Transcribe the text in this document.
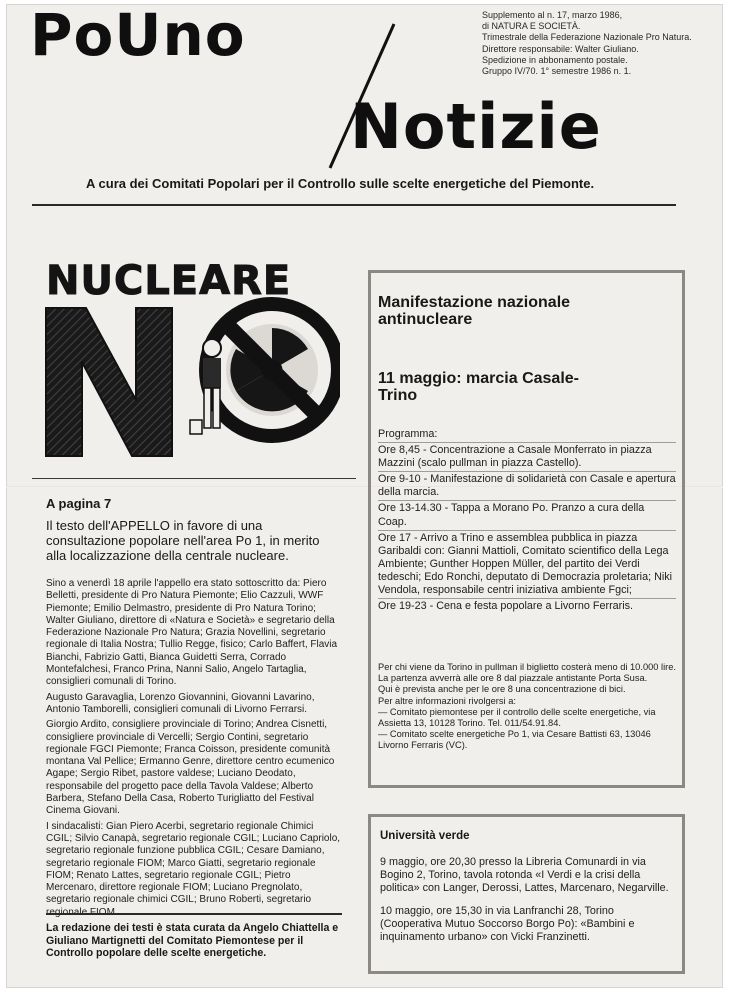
PoUno
Notizie
Supplemento al n. 17, marzo 1986,
di NATURA E SOCIETÀ.
Trimestrale della Federazione Nazionale Pro Natura.
Direttore responsabile: Walter Giuliano.
Spedizione in abbonamento postale.
Gruppo IV/70. 1° semestre 1986 n. 1.
A cura dei Comitati Popolari per il Controllo sulle scelte energetiche del Piemonte.
NUCLEARE
A pagina 7
Il testo dell'APPELLO in favore di una consultazione popolare nell'area Po 1, in merito alla localizzazione della centrale nucleare.

Sino a venerdì 18 aprile l'appello era stato sottoscritto da: Piero Belletti, presidente di Pro Natura Piemonte; Elio Cazzuli, WWF Piemonte; Emilio Delmastro, presidente di Pro Natura Torino; Walter Giuliano, direttore di «Natura e Società» e segretario della Federazione Nazionale Pro Natura; Grazia Novellini, segretario regionale di Italia Nostra; Tullio Regge, fisico; Carlo Baffert, Flavia Bianchi, Fabrizio Gatti, Bianca Guidetti Serra, Corrado Montefalchesi, Franco Prina, Nanni Salio, Angelo Tartaglia, consiglieri comunali di Torino.

Augusto Garavaglia, Lorenzo Giovannini, Giovanni Lavarino, Antonio Tamborelli, consiglieri comunali di Livorno Ferrarsi.

Giorgio Ardito, consigliere provinciale di Torino; Andrea Cisnetti, consigliere provinciale di Vercelli; Sergio Contini, segretario regionale FGCI Piemonte; Franca Coisson, presidente comunità montana Val Pellice; Ermanno Genre, direttore centro ecumenico Agape; Sergio Ribet, pastore valdese; Luciano Deodato, responsabile del progetto pace della Tavola Valdese; Alberto Barbera, Stefano Della Casa, Roberto Turigliatto del Festival Cinema Giovani.

I sindacalisti: Gian Piero Acerbi, segretario regionale Chimici CGIL; Silvio Canapà, segretario regionale CGIL; Luciano Capriolo, segretario regionale funzione pubblica CGIL; Cesare Damiano, segretario regionale FIOM; Marco Giatti, segretario regionale FIOM; Renato Lattes, segretario regionale CGIL; Pietro Mercenaro, direttore regionale FIOM; Luciano Pregnolato, segretario regionale chimici CGIL; Bruno Roberti, segretario

La redazione dei testi è stata curata da Angelo Chiattella e Giuliano Martignetti del Comitato Piemontese per il Controllo popolare delle scelte energetiche.
Manifestazione nazionale antinucleare
11 maggio: marcia Casale-Trino
Programma:
Ore 8,45 - Concentrazione a Casale Monferrato in piazza Mazzini (scalo pullman in piazza Castello).
Ore 9-10 - Manifestazione di solidarietà con Casale e apertura della marcia.
Ore 13-14.30 - Tappa a Morano Po. Pranzo a cura della Coap.
Ore 17 - Arrivo a Trino e assemblea pubblica in piazza Garibaldi con: Gianni Mattioli, Comitato scientifico della Lega Ambiente; Gunther Hoppen Müller, del partito dei Verdi tedeschi; Edo Ronchi, deputato di Democrazia proletaria; Niki Vendola, responsabile centri iniziativa ambiente Fgci;
Ore 19-23 - Cena e festa popolare a Livorno Ferraris.
Per chi viene da Torino in pullman il biglietto costerà meno di 10.000 lire. La partenza avverrà alle ore 8 dal piazzale antistante Porta Susa.
Qui è prevista anche per le ore 8 una concentrazione di bici.
Per altre informazioni rivolgersi a:
— Comitato piemontese per il controllo delle scelte energetiche, via Assietta 13, 10128 Torino. Tel. 011/54.91.84.
— Comitato scelte energetiche Po 1, via Cesare Battisti 63, 13046 Livorno Ferraris (VC).
Università verde

9 maggio, ore 20,30 presso la Libreria Comunardi in via Bogino 2, Torino, tavola rotonda «I Verdi e la crisi della politica» con Langer, Derossi, Lattes, Marcenaro, Negarville.

10 maggio, ore 15,30 in via Lanfranchi 28, Torino (Cooperativa Mutuo Soccorso Borgo Po): «Bambini e inquinamento urbano» con Vicki Franzinetti.
